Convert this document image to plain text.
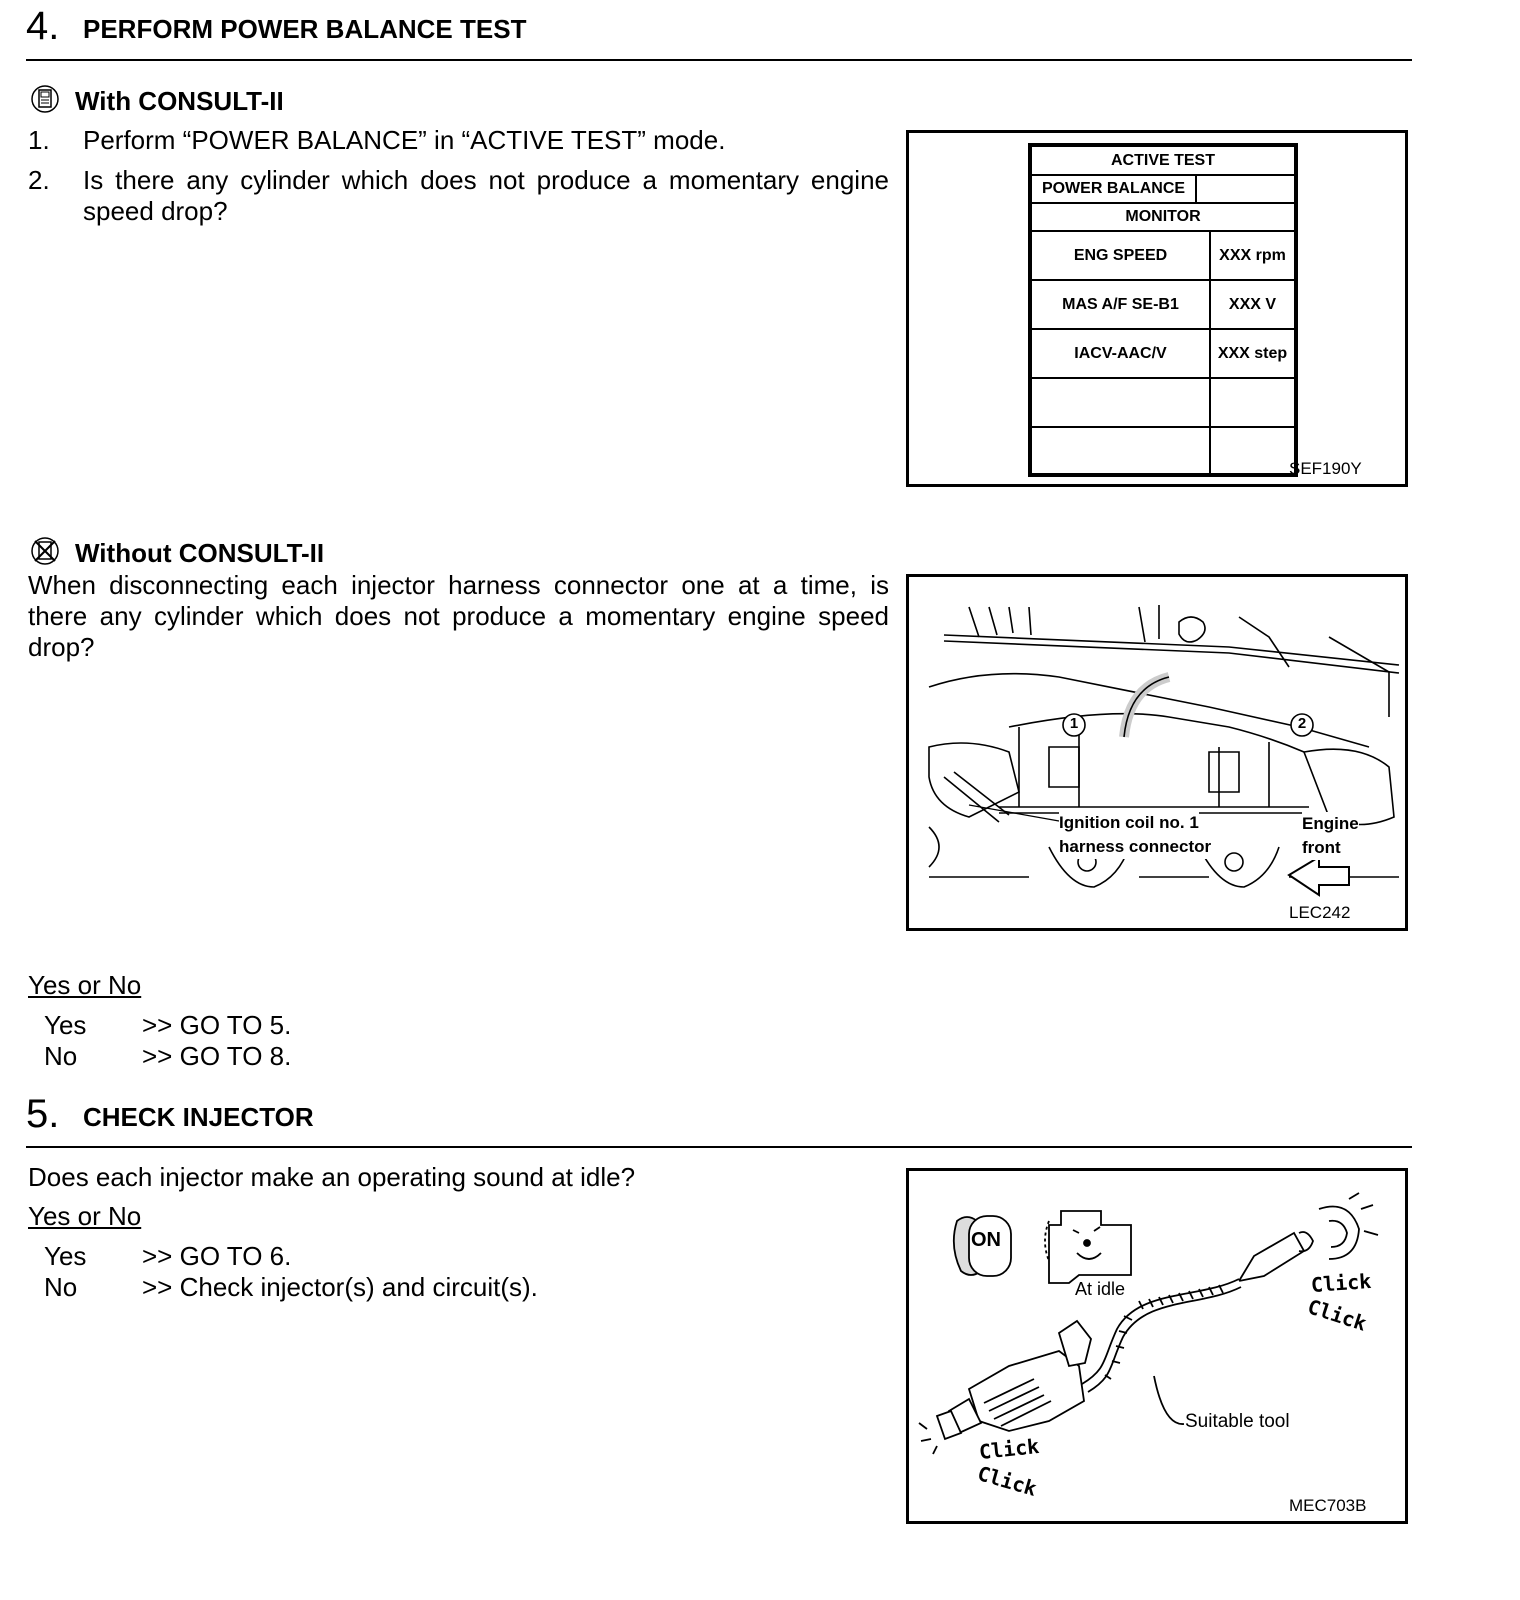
4. PERFORM POWER BALANCE TEST
With CONSULT-II
1. Perform “POWER BALANCE” in “ACTIVE TEST” mode.
2. Is there any cylinder which does not produce a momentary engine speed drop?
ACTIVE TEST
POWER BALANCE
MONITOR
ENG SPEED	XXX rpm
MAS A/F SE-B1	XXX V
IACV-AAC/V	XXX step
SEF190Y
Without CONSULT-II
When disconnecting each injector harness connector one at a time, is there any cylinder which does not produce a momentary engine speed drop?
1	2
Ignition coil no. 1
harness connector
Engine
front
LEC242
Yes or No
Yes >> GO TO 5.
No >> GO TO 8.
5. CHECK INJECTOR
Does each injector make an operating sound at idle?
Yes or No
Yes >> GO TO 6.
No >> Check injector(s) and circuit(s).
ON
At idle	Click
Click
Click
Click
Suitable tool
MEC703B
